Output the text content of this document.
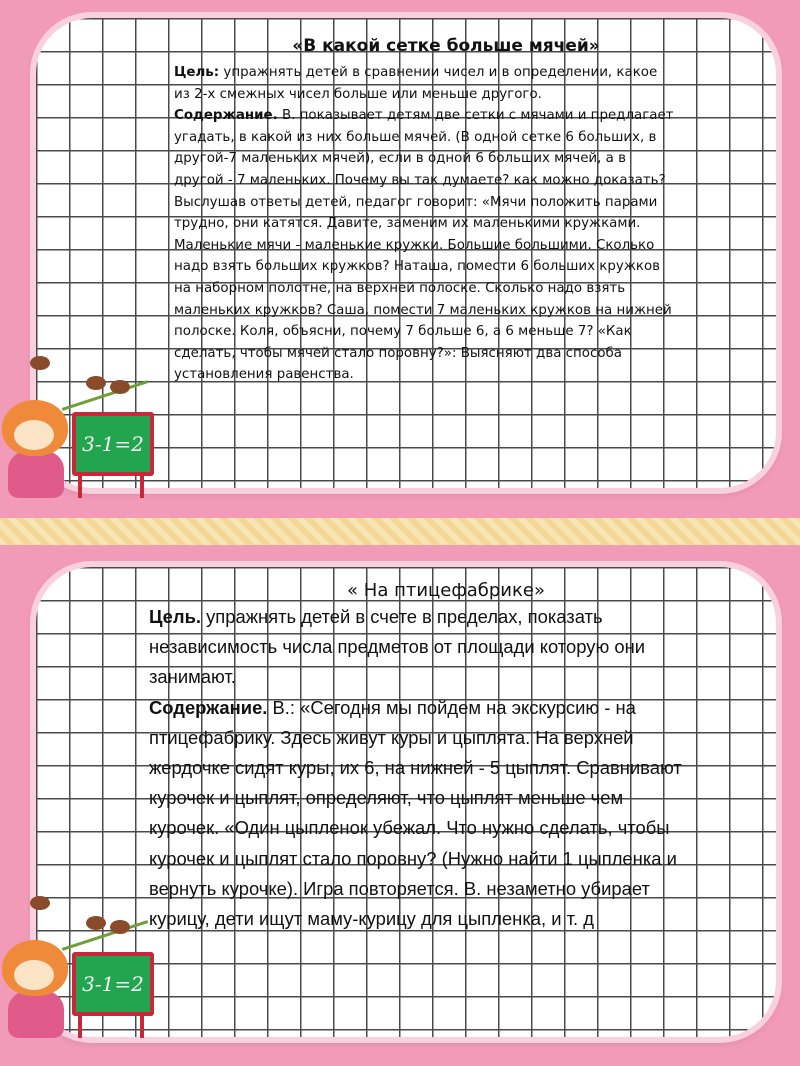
«В какой сетке больше мячей»

Цель: упражнять детей в сравнении чисел и в определении, какое из 2-х смежных чисел больше или меньше другого.

Содержание. В. показывает детям две сетки с мячами и предлагает угадать, в какой из них больше мячей. (В одной сетке 6 больших, в другой-7 маленьких мячей), если в одной 6 больших мячей, а в другой - 7 маленьких. Почему вы так думаете? как можно доказать? Выслушав ответы детей, педагог говорит: «Мячи положить парами трудно, они катятся. Давите, заменим их маленькими кружками. Маленькие мячи - маленькие кружки. Большие большими. Сколько надо взять больших кружков? Наташа, помести 6 больших кружков на наборном полотне, на верхней полоске. Сколько надо взять маленьких кружков? Саша, помести 7 маленьких кружков на нижней полоске. Коля, объясни, почему 7 больше 6, а 6 меньше 7? «Как сделать, чтобы мячей стало поровну?»: Выясняют два способа установления равенства.

3-1=2
« На птицефабрике»

Цель. упражнять детей в счете в пределах, показать независимость числа предметов от площади которую они занимают.

Содержание. В.: «Сегодня мы пойдем на экскурсию - на птицефабрику. Здесь живут куры и цыплята. На верхней жердочке сидят куры, их 6, на нижней - 5 цыплят. Сравнивают курочек и цыплят, определяют, что цыплят меньше чем курочек. «Один цыпленок убежал. Что нужно сделать, чтобы курочек и цыплят стало поровну? (Нужно найти 1 цыпленка и вернуть курочке). Игра повторяется. В. незаметно убирает курицу, дети ищут маму-курицу для цыпленка, и т. д

3-1=2
